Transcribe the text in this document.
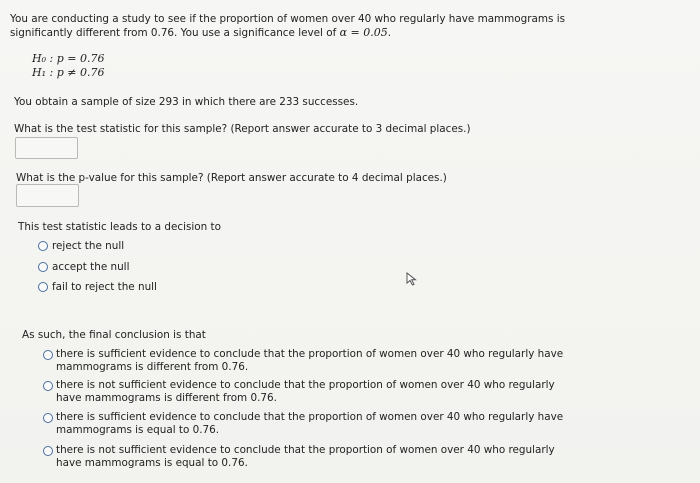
You are conducting a study to see if the proportion of women over 40 who regularly have mammograms is
significantly different from 0.76. You use a significance level of α = 0.05.
H₀ : p = 0.76
H₁ : p ≠ 0.76
You obtain a sample of size 293 in which there are 233 successes.
What is the test statistic for this sample? (Report answer accurate to 3 decimal places.)
What is the p-value for this sample? (Report answer accurate to 4 decimal places.)
This test statistic leads to a decision to
reject the null
accept the null
fail to reject the null
As such, the final conclusion is that
there is sufficient evidence to conclude that the proportion of women over 40 who regularly have
mammograms is different from 0.76.
there is not sufficient evidence to conclude that the proportion of women over 40 who regularly
have mammograms is different from 0.76.
there is sufficient evidence to conclude that the proportion of women over 40 who regularly have
mammograms is equal to 0.76.
there is not sufficient evidence to conclude that the proportion of women over 40 who regularly
have mammograms is equal to 0.76.
